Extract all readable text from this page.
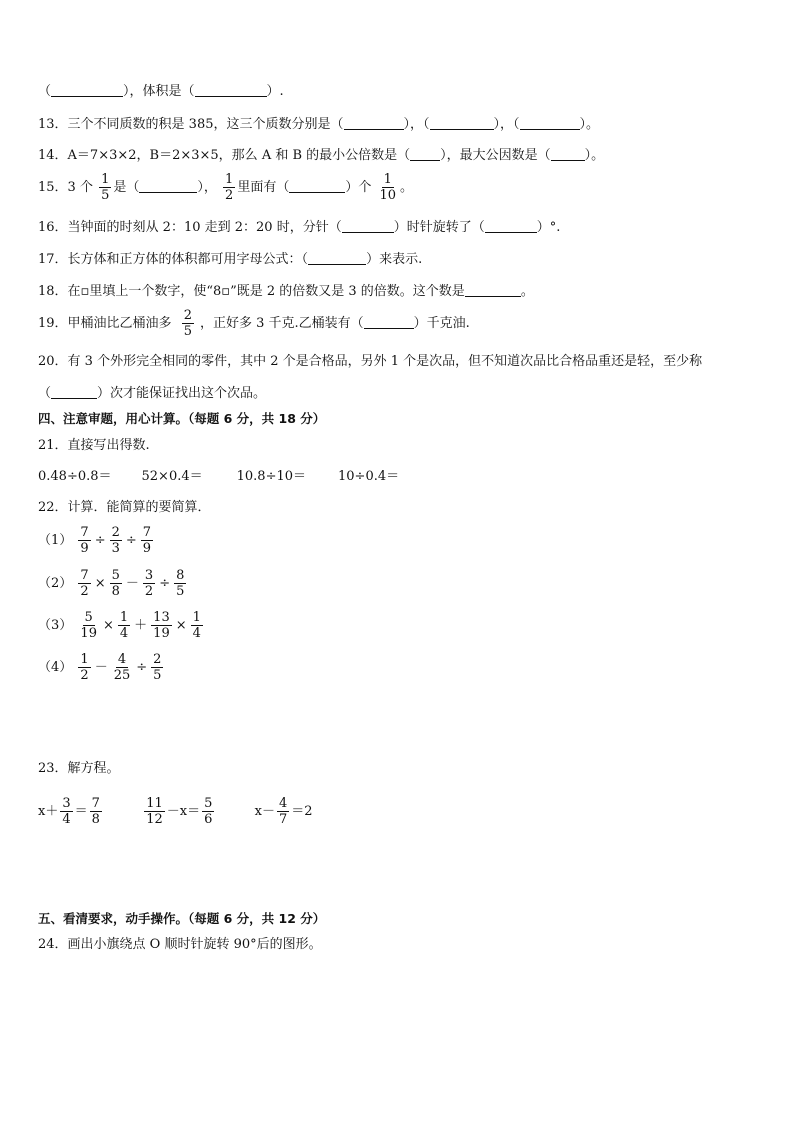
（	），体积是（	）.
13．三个不同质数的积是 385，这三个质数分别是（	），（	），（	）。
14．A＝7×3×2，B＝2×3×5，那么 A 和 B 的最小公倍数是（ ），最大公因数是（	）。
15．3 个 $\frac{1}{5}$ 是（	）， $\frac{1}{2}$ 里面有（	）个 $\frac{1}{10}$ 。
16．当钟面的时刻从 2：10 走到 2：20 时，分针（	）时针旋转了（	）°.
17．长方体和正方体的体积都可用字母公式：（	）来表示.
18．在▫里填上一个数字，使“8▫”既是 2 的倍数又是 3 的倍数。这个数是	。
19．甲桶油比乙桶油多 $\frac{2}{5}$ ，正好多 3 千克.乙桶装有（	）千克油.
20．有 3 个外形完全相同的零件，其中 2 个是合格品，另外 1 个是次品，但不知道次品比合格品重还是轻，至少称
（	）次才能保证找出这个次品。
四、注意审题，用心计算。（每题 6 分，共 18 分）
21．直接写出得数.
0.48÷0.8＝ 52×0.4＝	10.8÷10＝ 10÷0.4＝
22．计算．能简算的要简算．
$(1) \frac{7}{9} \div \frac{2}{3} \div \frac{7}{9}$
$(2) \frac{7}{2} \times \frac{5}{8} - \frac{3}{2} \div \frac{8}{5}$
$(3) \frac{5}{19} \times \frac{1}{4} + \frac{13}{19} \times \frac{1}{4}$
$(4) \frac{1}{2} - \frac{4}{25} \div \frac{2}{5}$
23．解方程。
$x+ \frac{3}{4} = \frac{7}{8}$
	$\frac{11}{12} -x= \frac{5}{6}$	$x- \frac{4}{7} =2$
五、看清要求，动手操作。（每题 6 分，共 12 分）
24．画出小旗绕点 O 顺时针旋转 90°后的图形。
